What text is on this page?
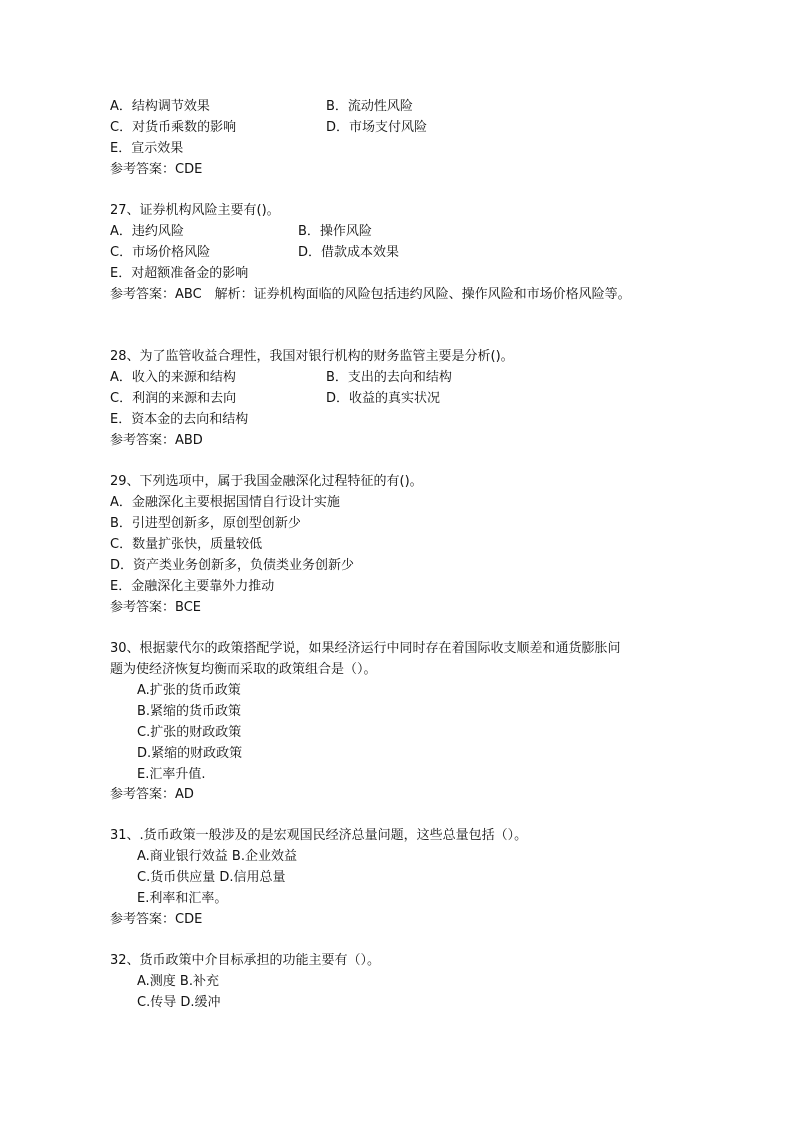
A．结构调节效果	B．流动性风险
C．对货币乘数的影响	D．市场支付风险
E．宣示效果
参考答案：CDE
27、证券机构风险主要有()。
A．违约风险	B．操作风险
C．市场价格风险	D．借款成本效果
E．对超额准备金的影响
参考答案：ABC　解析：证券机构面临的风险包括违约风险、操作风险和市场价格风险等。
28、为了监管收益合理性，我国对银行机构的财务监管主要是分析()。
A．收入的来源和结构	B．支出的去向和结构
C．利润的来源和去向	D．收益的真实状况
E．资本金的去向和结构
参考答案：ABD
29、下列选项中，属于我国金融深化过程特征的有()。
A．金融深化主要根据国情自行设计实施
B．引进型创新多，原创型创新少
C．数量扩张快，质量较低
D．资产类业务创新多，负债类业务创新少
E．金融深化主要靠外力推动
参考答案：BCE
30、根据蒙代尔的政策搭配学说，如果经济运行中同时存在着国际收支顺差和通货膨胀问
题为使经济恢复均衡而采取的政策组合是（）。
A.扩张的货币政策
B.紧缩的货币政策
C.扩张的财政政策
D.紧缩的财政政策
E.汇率升值.
参考答案：AD
31、.货币政策一般涉及的是宏观国民经济总量问题，这些总量包括（）。
A.商业银行效益 B.企业效益
C.货币供应量 D.信用总量
E.利率和汇率。
参考答案：CDE
32、货币政策中介目标承担的功能主要有（）。
A.测度 B.补充
C.传导 D.缓冲
